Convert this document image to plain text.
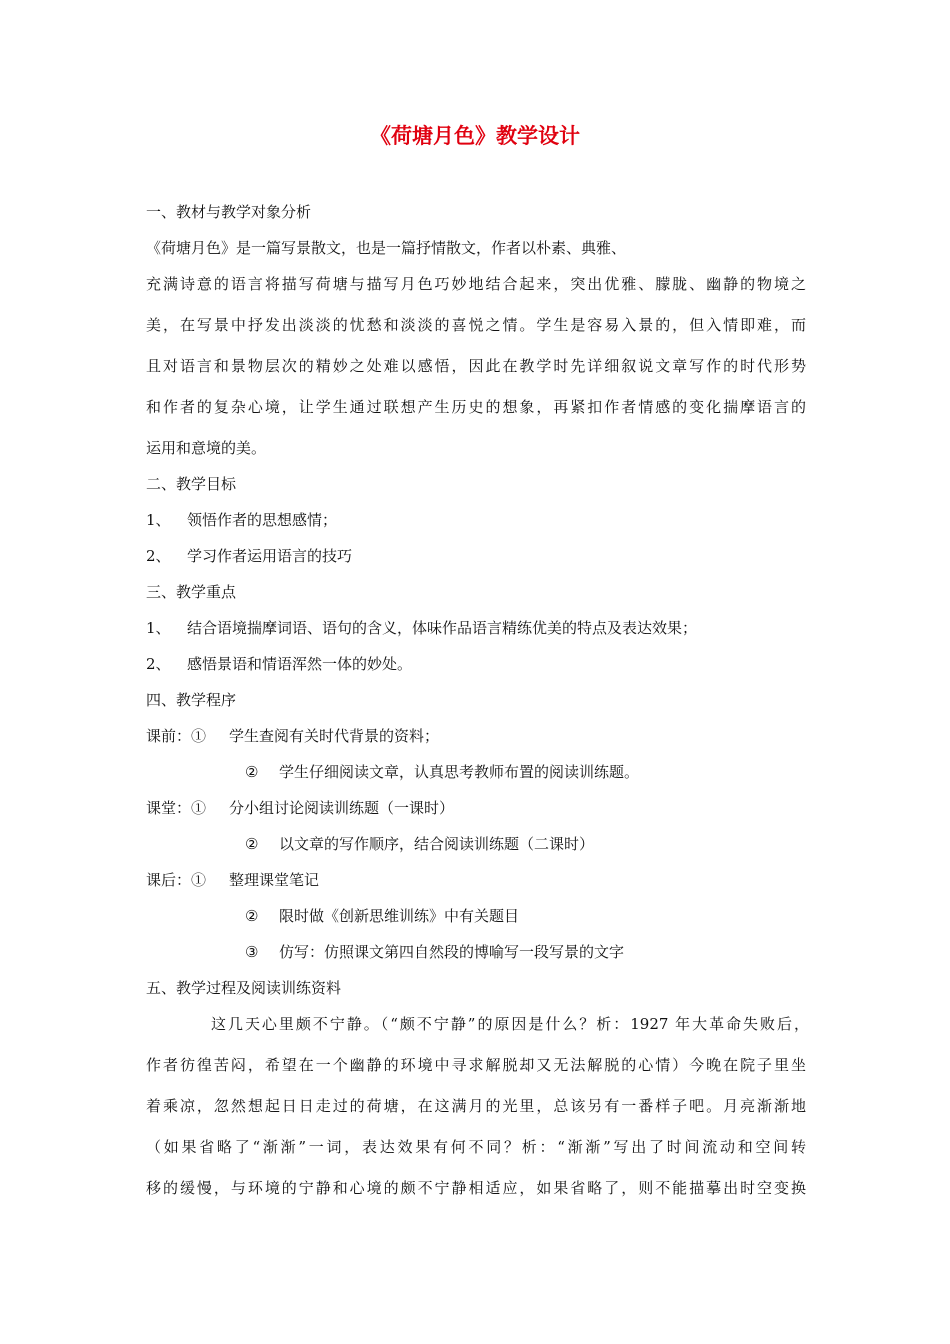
《荷塘月色》教学设计
一、教材与教学对象分析
《荷塘月色》是一篇写景散文，也是一篇抒情散文，作者以朴素、典雅、
充满诗意的语言将描写荷塘与描写月色巧妙地结合起来，突出优雅、朦胧、幽静的物境之
美，在写景中抒发出淡淡的忧愁和淡淡的喜悦之情。学生是容易入景的，但入情即难，而
且对语言和景物层次的精妙之处难以感悟，因此在教学时先详细叙说文章写作的时代形势
和作者的复杂心境，让学生通过联想产生历史的想象，再紧扣作者情感的变化揣摩语言的
运用和意境的美。
二、教学目标
1、 领悟作者的思想感情；
2、 学习作者运用语言的技巧
三、教学重点
1、 结合语境揣摩词语、语句的含义，体味作品语言精练优美的特点及表达效果；
2、 感悟景语和情语浑然一体的妙处。
四、教学程序
课前：① 学生查阅有关时代背景的资料；
② 学生仔细阅读文章，认真思考教师布置的阅读训练题。
课堂：① 分小组讨论阅读训练题（一课时）
② 以文章的写作顺序，结合阅读训练题（二课时）
课后：① 整理课堂笔记
② 限时做《创新思维训练》中有关题目
③ 仿写：仿照课文第四自然段的博喻写一段写景的文字
五、教学过程及阅读训练资料
这几天心里颇不宁静。（“颇不宁静”的原因是什么？析：1927 年大革命失败后，
作者彷徨苦闷，希望在一个幽静的环境中寻求解脱却又无法解脱的心情）今晚在院子里坐
着乘凉，忽然想起日日走过的荷塘，在这满月的光里，总该另有一番样子吧。月亮渐渐地
（如果省略了“渐渐”一词，表达效果有何不同？析：“渐渐”写出了时间流动和空间转
移的缓慢，与环境的宁静和心境的颇不宁静相适应，如果省略了，则不能描摹出时空变换
